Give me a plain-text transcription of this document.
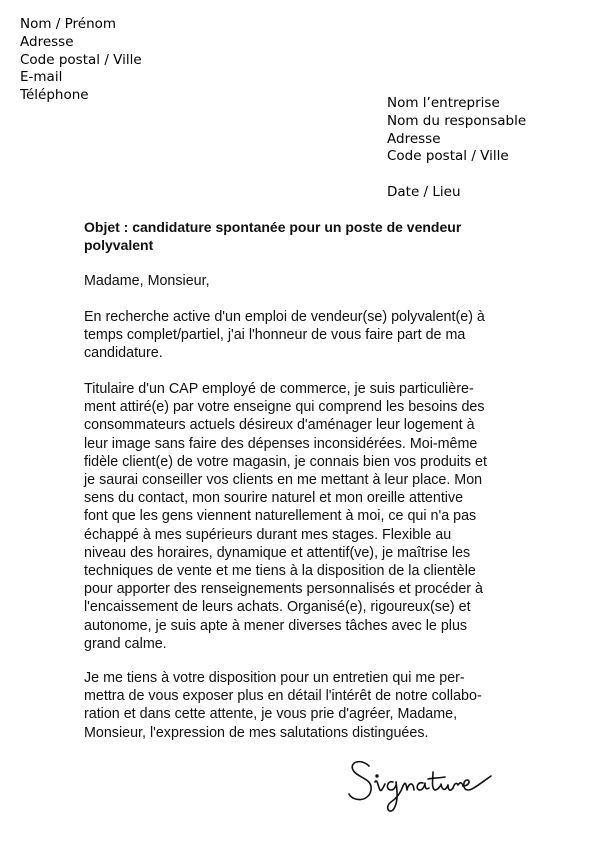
Nom / Prénom
Adresse
Code postal / Ville
E-mail
Téléphone	Nom l’entreprise
Nom du responsable
Adresse
Code postal / Ville
Date / Lieu
Objet : candidature spontanée pour un poste de vendeur
polyvalent
Madame, Monsieur,
En recherche active d'un emploi de vendeur(se) polyvalent(e) à
temps complet/partiel, j'ai l'honneur de vous faire part de ma
candidature.
Titulaire d'un CAP employé de commerce, je suis particulière-
ment attiré(e) par votre enseigne qui comprend les besoins des
consommateurs actuels désireux d'aménager leur logement à
leur image sans faire des dépenses inconsidérées. Moi-même
fidèle client(e) de votre magasin, je connais bien vos produits et
je saurai conseiller vos clients en me mettant à leur place. Mon
sens du contact, mon sourire naturel et mon oreille attentive
font que les gens viennent naturellement à moi, ce qui n'a pas
échappé à mes supérieurs durant mes stages. Flexible au
niveau des horaires, dynamique et attentif(ve), je maîtrise les
techniques de vente et me tiens à la disposition de la clientèle
pour apporter des renseignements personnalisés et procéder à
l'encaissement de leurs achats. Organisé(e), rigoureux(se) et
autonome, je suis apte à mener diverses tâches avec le plus
grand calme.
Je me tiens à votre disposition pour un entretien qui me per-
mettra de vous exposer plus en détail l'intérêt de notre collabo-
ration et dans cette attente, je vous prie d'agréer, Madame,
Monsieur, l'expression de mes salutations distinguées.
